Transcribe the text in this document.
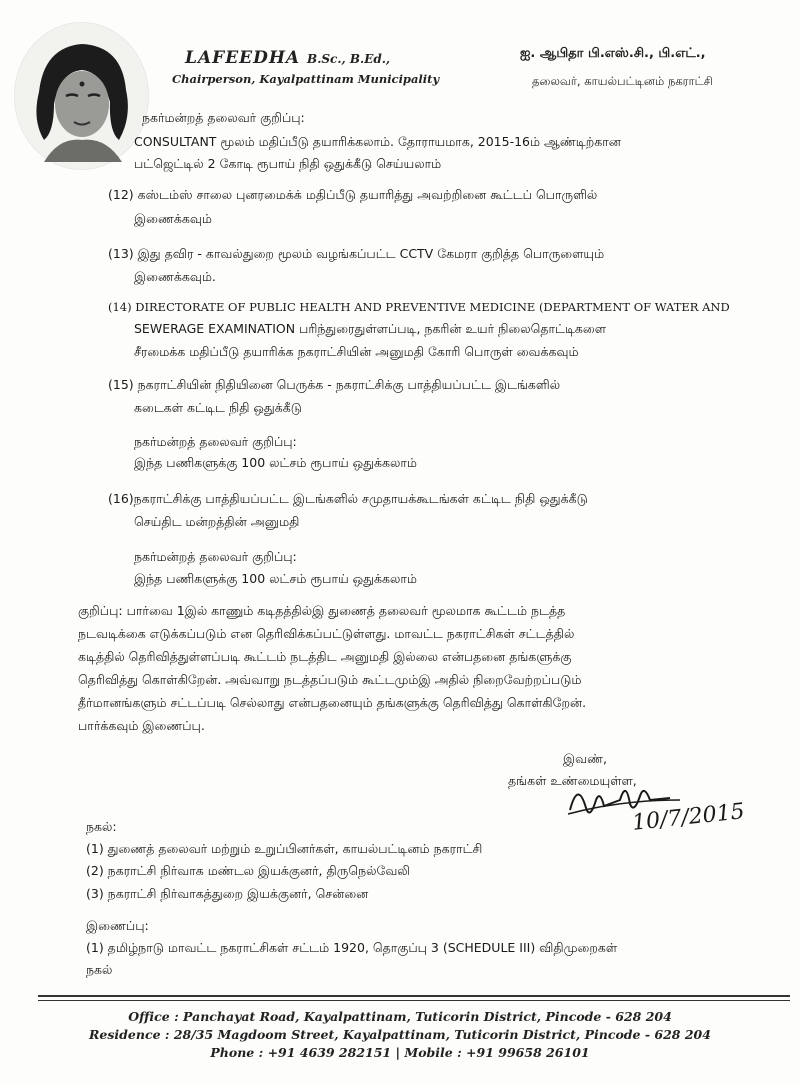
LAFEEDHA B.Sc., B.Ed.,
Chairperson, Kayalpattinam Municipality
ஐ. ஆபிதா பி.எஸ்.சி., பி.எட்.,
தலைவர், காயல்பட்டினம் நகராட்சி
நகர்மன்றத் தலைவர் குறிப்பு:
CONSULTANT மூலம் மதிப்பீடு தயாரிக்கலாம். தோராயமாக, 2015-16ம் ஆண்டிற்கான
பட்ஜெட்டில் 2 கோடி ரூபாய் நிதி ஒதுக்கீடு செய்யலாம்
(12) கஸ்டம்ஸ் சாலை புனரமைக்க் மதிப்பீடு தயாரித்து அவற்றினை கூட்டப் பொருளில்
இணைக்கவும்
(13) இது தவிர - காவல்துறை மூலம் வழங்கப்பட்ட CCTV கேமரா குறித்த பொருளையும்
இணைக்கவும்.
(14) DIRECTORATE OF PUBLIC HEALTH AND PREVENTIVE MEDICINE (DEPARTMENT OF WATER AND
SEWERAGE EXAMINATION பரிந்துரைதுள்ளப்படி, நகரின் உயர் நிலைதொட்டிகளை
சீரமைக்க மதிப்பீடு தயாரிக்க நகராட்சியின் அனுமதி கோரி பொருள் வைக்கவும்
(15) நகராட்சியின் நிதியினை பெருக்க - நகராட்சிக்கு பாத்தியப்பட்ட இடங்களில்
கடைகள் கட்டிட நிதி ஒதுக்கீடு
நகர்மன்றத் தலைவர் குறிப்பு:
இந்த பணிகளுக்கு 100 லட்சம் ரூபாய் ஒதுக்கலாம்
(16)நகராட்சிக்கு பாத்தியப்பட்ட இடங்களில் சமுதாயக்கூடங்கள் கட்டிட நிதி ஒதுக்கீடு
செய்திட மன்றத்தின் அனுமதி
நகர்மன்றத் தலைவர் குறிப்பு:
இந்த பணிகளுக்கு 100 லட்சம் ரூபாய் ஒதுக்கலாம்
குறிப்பு: பார்வை 1இல் காணும் கடிதத்தில்இ துணைத் தலைவர் மூலமாக கூட்டம் நடத்த
நடவடிக்கை எடுக்கப்படும் என தெரிவிக்கப்பட்டுள்ளது. மாவட்ட நகராட்சிகள் சட்டத்தில்
கடித்தில் தெரிவித்துள்ளப்படி கூட்டம் நடத்திட அனுமதி இல்லை என்பதனை தங்களுக்கு
தெரிவித்து கொள்கிறேன். அவ்வாறு நடத்தப்படும் கூட்டமும்இ அதில் நிறைவேற்றப்படும்
தீர்மானங்களும் சட்டப்படி செல்லாது என்பதனையும் தங்களுக்கு தெரிவித்து கொள்கிறேன்.
பார்க்கவும் இணைப்பு.
இவண்,
தங்கள் உண்மையுள்ள,
10/7/2015
நகல்:
(1) துணைத் தலைவர் மற்றும் உறுப்பினர்கள், காயல்பட்டினம் நகராட்சி
(2) நகராட்சி நிர்வாக மண்டல இயக்குனர், திருநெல்வேலி
(3) நகராட்சி நிர்வாகத்துறை இயக்குனர், சென்னை
இணைப்பு:
(1) தமிழ்நாடு மாவட்ட நகராட்சிகள் சட்டம் 1920, தொகுப்பு 3 (SCHEDULE III) விதிமுறைகள்
நகல்
Office : Panchayat Road, Kayalpattinam, Tuticorin District, Pincode - 628 204
Residence : 28/35 Magdoom Street, Kayalpattinam, Tuticorin District, Pincode - 628 204
Phone : +91 4639 282151 | Mobile : +91 99658 26101
